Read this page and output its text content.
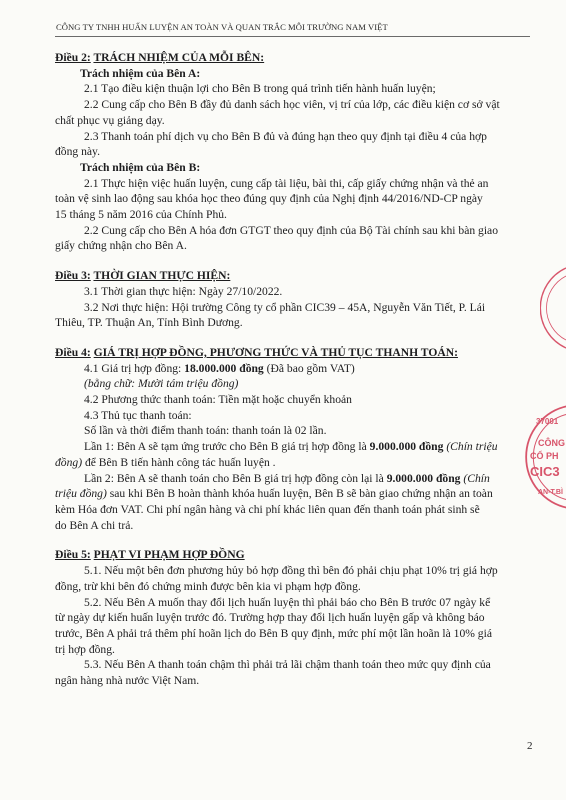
CÔNG TY TNHH HUẤN LUYỆN AN TOÀN VÀ QUAN TRẮC MÔI TRƯỜNG NAM VIỆT

Điều 2: TRÁCH NHIỆM CỦA MỖI BÊN:

Trách nhiệm của Bên A:

2.1 Tạo điều kiện thuận lợi cho Bên B trong quá trình tiến hành huấn luyện;

2.2 Cung cấp cho Bên B đầy đủ danh sách học viên, vị trí của lớp, các điều kiện cơ sở vật

chất phục vụ giảng dạy.

2.3 Thanh toán phí dịch vụ cho Bên B đủ và đúng hạn theo quy định tại điều 4 của hợp

đồng này.

Trách nhiệm của Bên B:

2.1 Thực hiện việc huấn luyện, cung cấp tài liệu, bài thi, cấp giấy chứng nhận và thẻ an

toàn vệ sinh lao động sau khóa học theo đúng quy định của Nghị định 44/2016/ND-CP ngày

15 tháng 5 năm 2016 của Chính Phủ.

2.2 Cung cấp cho Bên A hóa đơn GTGT theo quy định của Bộ Tài chính sau khi bàn giao

giấy chứng nhận cho Bên A.

Điều 3: THỜI GIAN THỰC HIỆN:

3.1 Thời gian thực hiện: Ngày 27/10/2022.

3.2 Nơi thực hiện: Hội trường Công ty cổ phần CIC39 – 45A, Nguyễn Văn Tiết, P. Lái

Thiêu, TP. Thuận An, Tỉnh Bình Dương.

Điều 4: GIÁ TRỊ HỢP ĐỒNG, PHƯƠNG THỨC VÀ THỦ TỤC THANH TOÁN:

4.1 Giá trị hợp đồng: 18.000.000 đồng (Đã bao gồm VAT)

(bằng chữ: Mười tám triệu đồng)

4.2 Phương thức thanh toán: Tiền mặt hoặc chuyển khoản

4.3 Thủ tục thanh toán:

Số lần và thời điểm thanh toán: thanh toán là 02 lần.

Lần 1: Bên A sẽ tạm ứng trước cho Bên B giá trị hợp đồng là 9.000.000 đồng (Chín triệu

đồng) để Bên B tiến hành công tác huấn luyện .

Lần 2: Bên A sẽ thanh toán cho Bên B giá trị hợp đồng còn lại là 9.000.000 đồng (Chín

triệu đồng) sau khi Bên B hoàn thành khóa huấn luyện, Bên B sẽ bàn giao chứng nhận an toàn

kèm Hóa đơn VAT. Chi phí ngân hàng và chi phí khác liên quan đến thanh toán phát sinh sẽ

do Bên A chi trả.

Điều 5: PHẠT VI PHẠM HỢP ĐỒNG

5.1. Nếu một bên đơn phương hủy bỏ hợp đồng thì bên đó phải chịu phạt 10% trị giá hợp

đồng, trừ khi bên đó chứng minh được bên kia vi phạm hợp đồng.

5.2. Nếu Bên A muốn thay đổi lịch huấn luyện thì phải báo cho Bên B trước 07 ngày kể

từ ngày dự kiến huấn luyện trước đó. Trường hợp thay đổi lịch huấn luyện gấp và không báo

trước, Bên A phải trả thêm phí hoãn lịch do Bên B quy định, mức phí một lần hoãn là 10% giá

trị hợp đồng.

5.3. Nếu Bên A thanh toán chậm thì phải trả lãi chậm thanh toán theo mức quy định của

ngân hàng nhà nước Việt Nam.

2
37001
CÔNG
CỔ PH
CIC3
AN-T.BÌ
